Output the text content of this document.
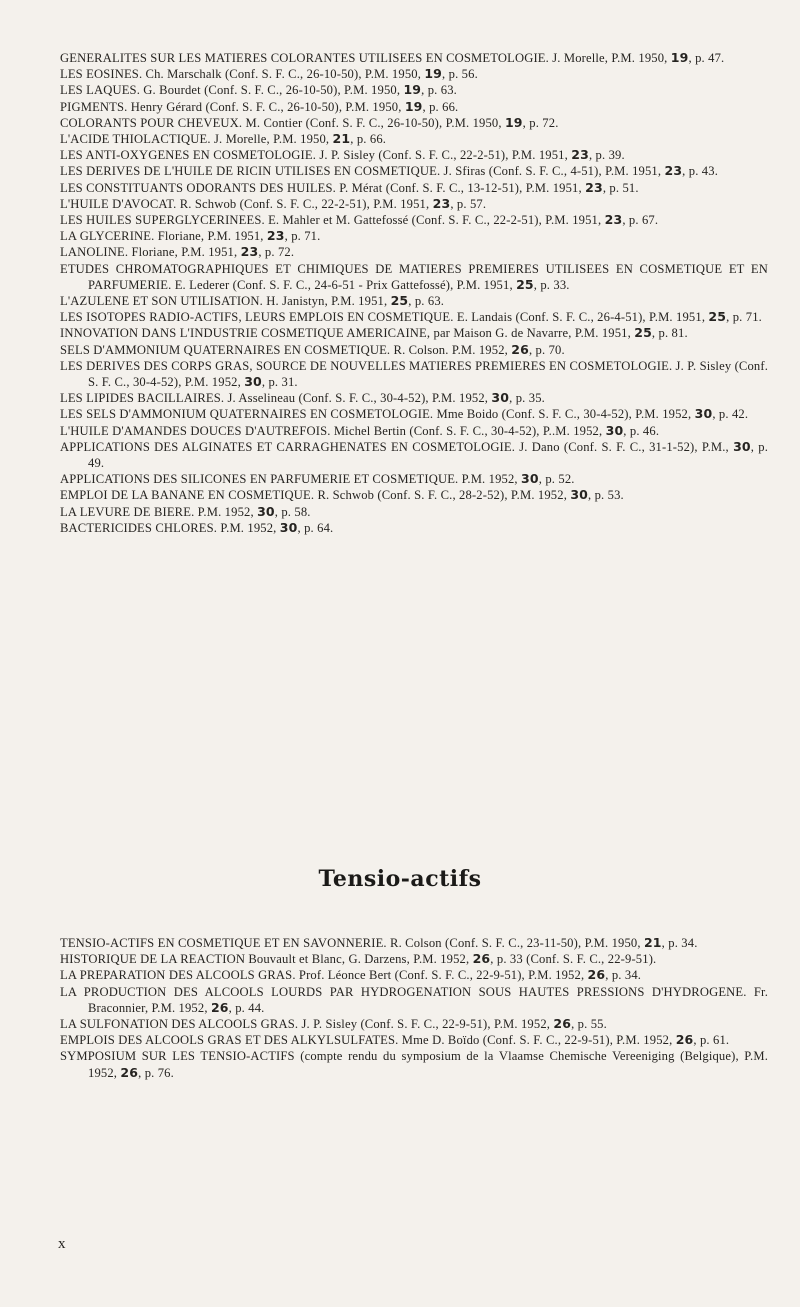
GENERALITES SUR LES MATIERES COLORANTES UTILISEES EN COSMETOLOGIE. J. Morelle, P.M. 1950, 19, p. 47.

LES EOSINES. Ch. Marschalk (Conf. S. F. C., 26-10-50), P.M. 1950, 19, p. 56.

LES LAQUES. G. Bourdet (Conf. S. F. C., 26-10-50), P.M. 1950, 19, p. 63.

PIGMENTS. Henry Gérard (Conf. S. F. C., 26-10-50), P.M. 1950, 19, p. 66.

COLORANTS POUR CHEVEUX. M. Contier (Conf. S. F. C., 26-10-50), P.M. 1950, 19, p. 72.

L'ACIDE THIOLACTIQUE. J. Morelle, P.M. 1950, 21, p. 66.

LES ANTI-OXYGENES EN COSMETOLOGIE. J. P. Sisley (Conf. S. F. C., 22-2-51), P.M. 1951, 23, p. 39.

LES DERIVES DE L'HUILE DE RICIN UTILISES EN COSMETIQUE. J. Sfiras (Conf. S. F. C., 4-51), P.M. 1951, 23, p. 43.

LES CONSTITUANTS ODORANTS DES HUILES. P. Mérat (Conf. S. F. C., 13-12-51), P.M. 1951, 23, p. 51.

L'HUILE D'AVOCAT. R. Schwob (Conf. S. F. C., 22-2-51), P.M. 1951, 23, p. 57.

LES HUILES SUPERGLYCERINEES. E. Mahler et M. Gattefossé (Conf. S. F. C., 22-2-51), P.M. 1951, 23, p. 67.

LA GLYCERINE. Floriane, P.M. 1951, 23, p. 71.

LANOLINE. Floriane, P.M. 1951, 23, p. 72.

ETUDES CHROMATOGRAPHIQUES ET CHIMIQUES DE MATIERES PREMIERES UTILISEES EN COSMETIQUE ET EN PARFUMERIE. E. Lederer (Conf. S. F. C., 24-6-51 - Prix Gattefossé), P.M. 1951, 25, p. 33.

L'AZULENE ET SON UTILISATION. H. Janistyn, P.M. 1951, 25, p. 63.

LES ISOTOPES RADIO-ACTIFS, LEURS EMPLOIS EN COSMETIQUE. E. Landais (Conf. S. F. C., 26-4-51), P.M. 1951, 25, p. 71.

INNOVATION DANS L'INDUSTRIE COSMETIQUE AMERICAINE, par Maison G. de Navarre, P.M. 1951, 25, p. 81.

SELS D'AMMONIUM QUATERNAIRES EN COSMETIQUE. R. Colson. P.M. 1952, 26, p. 70.

LES DERIVES DES CORPS GRAS, SOURCE DE NOUVELLES MATIERES PREMIERES EN COSMETOLOGIE. J. P. Sisley (Conf. S. F. C., 30-4-52), P.M. 1952, 30, p. 31.

LES LIPIDES BACILLAIRES. J. Asselineau (Conf. S. F. C., 30-4-52), P.M. 1952, 30, p. 35.

LES SELS D'AMMONIUM QUATERNAIRES EN COSMETOLOGIE. Mme Boido (Conf. S. F. C., 30-4-52), P.M. 1952, 30, p. 42.

L'HUILE D'AMANDES DOUCES D'AUTREFOIS. Michel Bertin (Conf. S. F. C., 30-4-52), P..M. 1952, 30, p. 46.

APPLICATIONS DES ALGINATES ET CARRAGHENATES EN COSMETOLOGIE. J. Dano (Conf. S. F. C., 31-1-52), P.M., 30, p. 49.

APPLICATIONS DES SILICONES EN PARFUMERIE ET COSMETIQUE. P.M. 1952, 30, p. 52.

EMPLOI DE LA BANANE EN COSMETIQUE. R. Schwob (Conf. S. F. C., 28-2-52), P.M. 1952, 30, p. 53.

LA LEVURE DE BIERE. P.M. 1952, 30, p. 58.

BACTERICIDES CHLORES. P.M. 1952, 30, p. 64.

Tensio-actifs

TENSIO-ACTIFS EN COSMETIQUE ET EN SAVONNERIE. R. Colson (Conf. S. F. C., 23-11-50), P.M. 1950, 21, p. 34.

HISTORIQUE DE LA REACTION Bouvault et Blanc, G. Darzens, P.M. 1952, 26, p. 33 (Conf. S. F. C., 22-9-51).

LA PREPARATION DES ALCOOLS GRAS. Prof. Léonce Bert (Conf. S. F. C., 22-9-51), P.M. 1952, 26, p. 34.

LA PRODUCTION DES ALCOOLS LOURDS PAR HYDROGENATION SOUS HAUTES PRESSIONS D'HYDROGENE. Fr. Braconnier, P.M. 1952, 26, p. 44.

LA SULFONATION DES ALCOOLS GRAS. J. P. Sisley (Conf. S. F. C., 22-9-51), P.M. 1952, 26, p. 55.

EMPLOIS DES ALCOOLS GRAS ET DES ALKYLSULFATES. Mme D. Boïdo (Conf. S. F. C., 22-9-51), P.M. 1952, 26, p. 61.

SYMPOSIUM SUR LES TENSIO-ACTIFS (compte rendu du symposium de la Vlaamse Chemische Vereeniging (Belgique), P.M. 1952, 26, p. 76.

x
